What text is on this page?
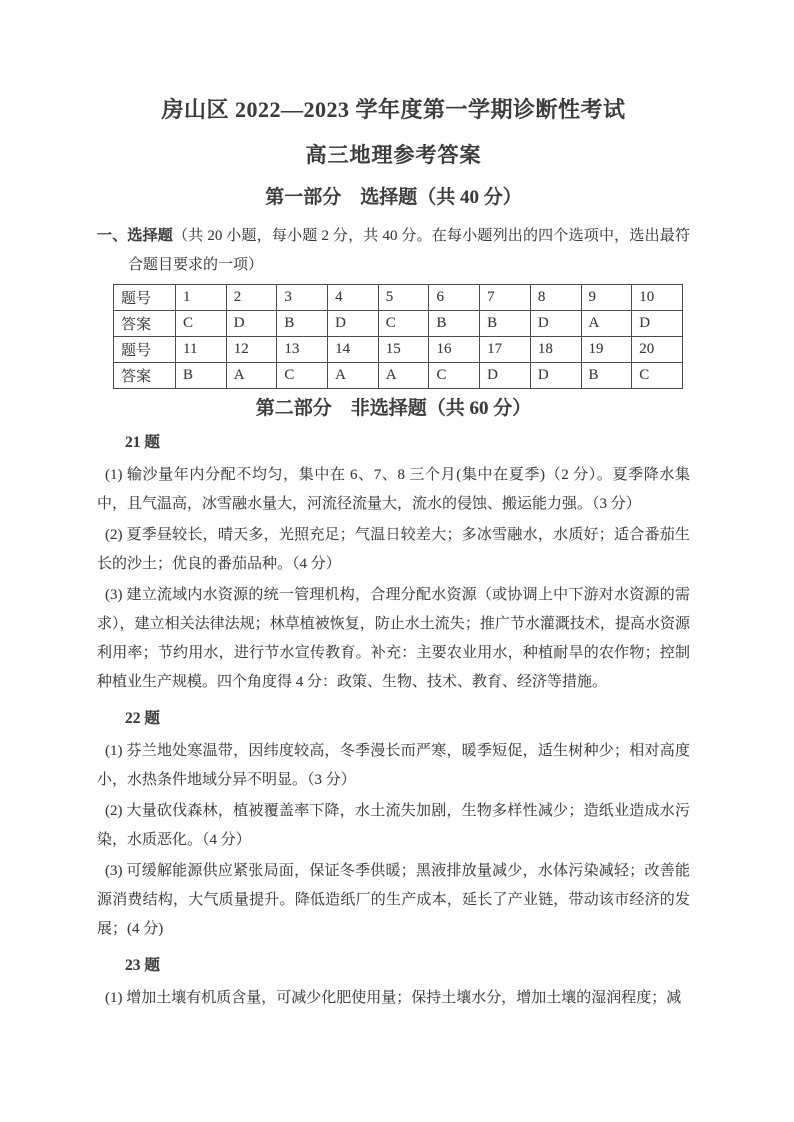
房山区 2022—2023 学年度第一学期诊断性考试
高三地理参考答案
第一部分　选择题（共 40 分）

一、选择题（共 20 小题，每小题 2 分，共 40 分。在每小题列出的四个选项中，选出最符合题目要求的一项）

题号	1	2	3	4	5	6	7	8	9	10
答案	C	D	B	D	C	B	B	D	A	D
题号	11	12	13	14	15	16	17	18	19	20
答案	B	A	C	A	A	C	D	D	B	C
第二部分　非选择题（共 60 分）
21 题

(1) 输沙量年内分配不均匀，集中在 6、7、8 三个月(集中在夏季)（2 分）。夏季降水集中，且气温高，冰雪融水量大，河流径流量大，流水的侵蚀、搬运能力强。（3 分）

(2) 夏季昼较长，晴天多，光照充足；气温日较差大；多冰雪融水，水质好；适合番茄生长的沙土；优良的番茄品种。（4 分）

(3) 建立流域内水资源的统一管理机构，合理分配水资源（或协调上中下游对水资源的需求），建立相关法律法规；林草植被恢复，防止水土流失；推广节水灌溉技术，提高水资源利用率；节约用水，进行节水宣传教育。补充：主要农业用水，种植耐旱的农作物；控制种植业生产规模。四个角度得 4 分：政策、生物、技术、教育、经济等措施。

22 题

(1) 芬兰地处寒温带，因纬度较高，冬季漫长而严寒，暖季短促，适生树种少；相对高度小，水热条件地域分异不明显。（3 分）

(2) 大量砍伐森林，植被覆盖率下降，水土流失加剧，生物多样性减少；造纸业造成水污染，水质恶化。（4 分）

(3) 可缓解能源供应紧张局面，保证冬季供暖；黑液排放量减少，水体污染减轻；改善能源消费结构，大气质量提升。降低造纸厂的生产成本，延长了产业链，带动该市经济的发展；(4 分)

23 题

(1) 增加土壤有机质含量，可减少化肥使用量；保持土壤水分，增加土壤的湿润程度；减
